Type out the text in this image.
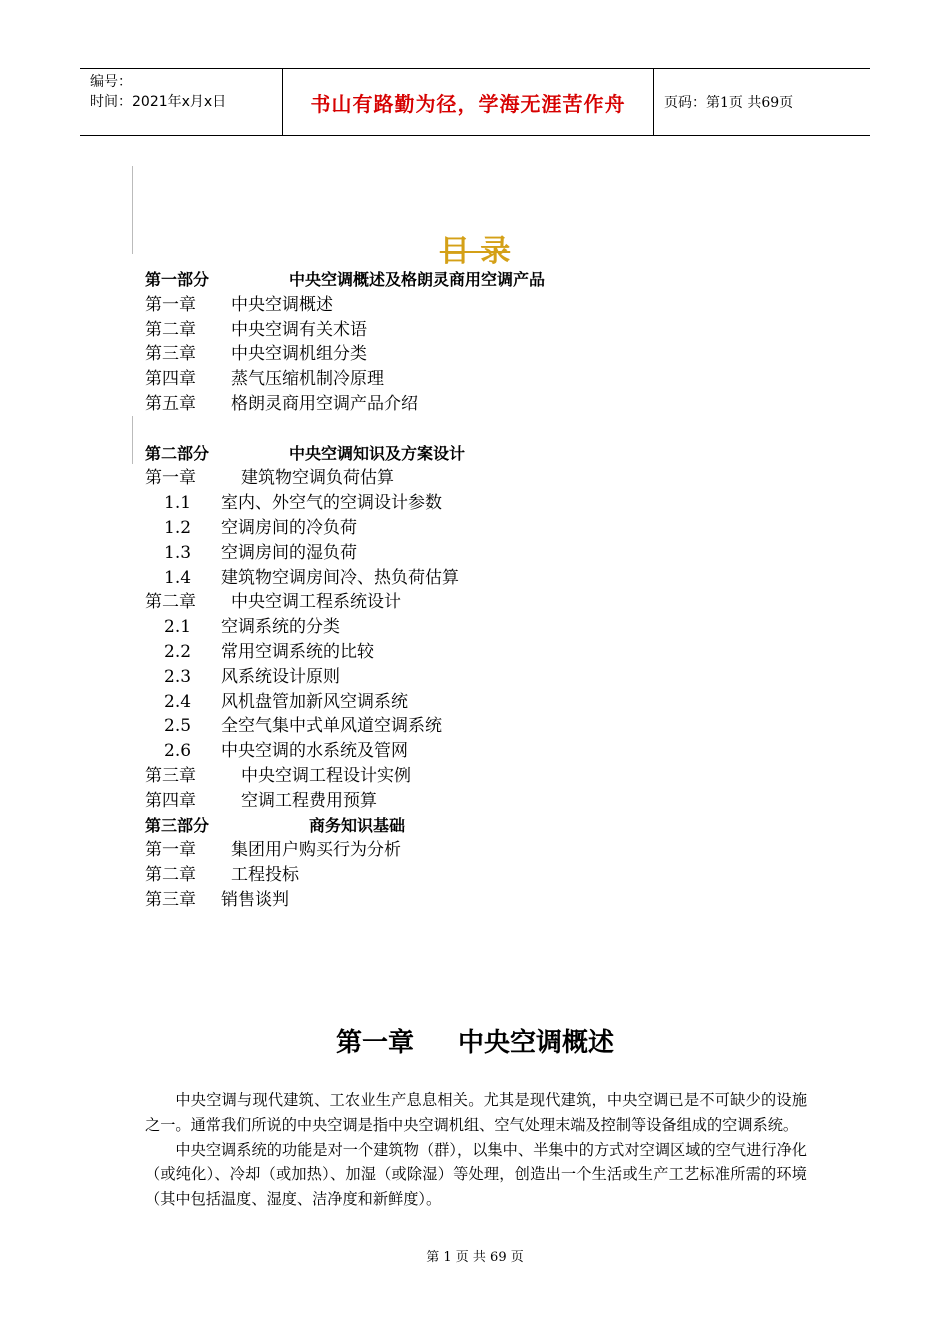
编号：
时间：2021年x月x日	书山有路勤为径，学海无涯苦作舟	页码：第1页 共69页
目 录
第一部分	中央空调概述及格朗灵商用空调产品
第一章 中央空调概述
第二章 中央空调有关术语
第三章 中央空调机组分类
第四章 蒸气压缩机制冷原理
第五章 格朗灵商用空调产品介绍
第二部分	中央空调知识及方案设计
第一章	建筑物空调负荷估算
1.1 室内、外空气的空调设计参数
1.2 空调房间的冷负荷
1.3 空调房间的湿负荷
1.4 建筑物空调房间冷、热负荷估算
第二章 中央空调工程系统设计
2.1 空调系统的分类
2.2 常用空调系统的比较
2.3 风系统设计原则
2.4 风机盘管加新风空调系统
2.5 全空气集中式单风道空调系统
2.6 中央空调的水系统及管网
第三章	中央空调工程设计实例
第四章	空调工程费用预算
第三部分	商务知识基础
第一章 集团用户购买行为分析
第二章 工程投标
第三章 销售谈判
第一章 中央空调概述

中央空调与现代建筑、工农业生产息息相关。尤其是现代建筑，中央空调已是不可缺少的设施之一。通常我们所说的中央空调是指中央空调机组、空气处理末端及控制等设备组成的空调系统。

中央空调系统的功能是对一个建筑物（群），以集中、半集中的方式对空调区域的空气进行净化（或纯化）、冷却（或加热）、加湿（或除湿）等处理，创造出一个生活或生产工艺标准所需的环境（其中包括温度、湿度、洁净度和新鲜度）。

第 1 页 共 69 页
